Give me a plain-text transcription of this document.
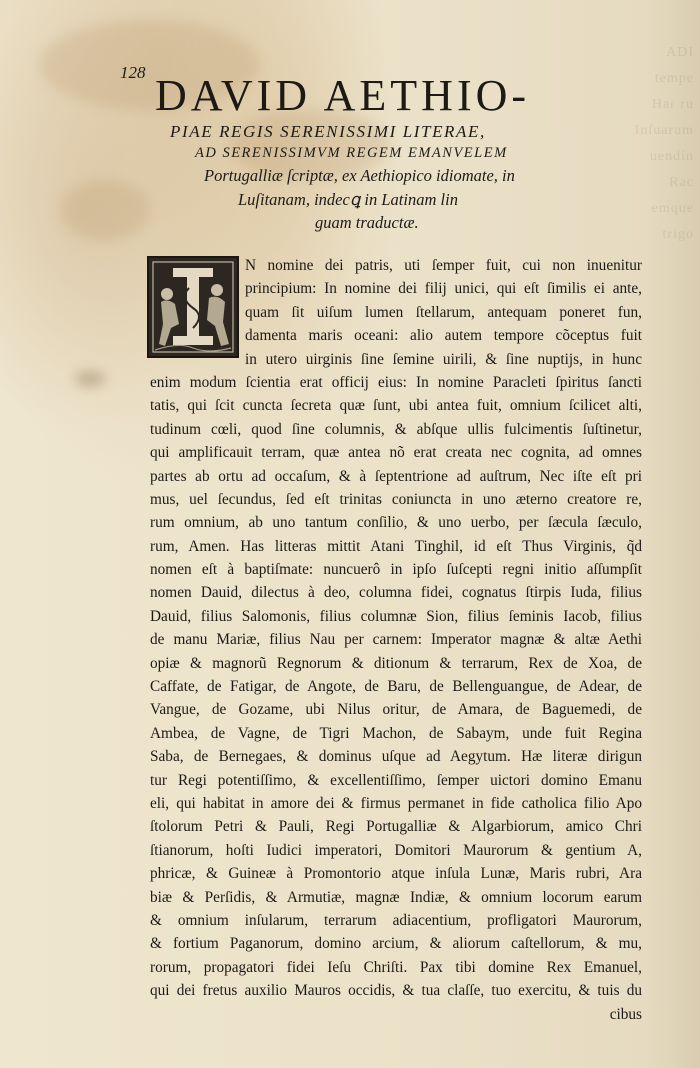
ADI
tempe
Haɾ ru
Inſuarum
uendin
Rac
emque
trigo
128 DAVID AETHIO-
PIAE REGIS SERENISSIMI LITERAE,
AD SERENISSIMVM REGEM EMANVELEM
Portugalliæ ſcriptæ, ex Aethiopico idiomate, in
Luſitanam, indecꝗ in Latinam lin
guam traductæ.
N nomine dei patris, uti ſemper fuit, cui non inuenitur
principium: In nomine dei filij unici, qui eſt ſimilis ei ante,
quam ſit uiſum lumen ſtellarum, antequam poneret fun,
damenta maris oceani: alio autem tempore cõceptus fuit
in utero uirginis ſine ſemine uirili, & ſine nuptijs, in hunc
enim modum ſcientia erat officij eius: In nomine Paracleti ſpiritus ſancti
tatis, qui ſcit cuncta ſecreta quæ ſunt, ubi antea fuit, omnium ſcilicet alti,
tudinum cœli, quod ſine columnis, & abſque ullis fulcimentis ſuſtinetur,
qui amplificauit terram, quæ antea nõ erat creata nec cognita, ad omnes
partes ab ortu ad occaſum, & à ſeptentrione ad auſtrum, Nec iſte eſt pri
mus, uel ſecundus, ſed eſt trinitas coniuncta in uno æterno creatore re,
rum omnium, ab uno tantum conſilio, & uno uerbo, per ſæcula ſæculo,
rum, Amen. Has litteras mittit Atani Tinghil, id eſt Thus Virginis, q̃d
nomen eſt à baptiſmate: nuncuerô in ipſo ſuſcepti regni initio aſſumpſit
nomen Dauid, dilectus à deo, columna fidei, cognatus ſtirpis Iuda, filius
Dauid, filius Salomonis, filius columnæ Sion, filius ſeminis Iacob, filius
de manu Mariæ, filius Nau per carnem: Imperator magnæ & altæ Aethi
opiæ & magnorũ Regnorum & ditionum & terrarum, Rex de Xoa, de
Caffate, de Fatigar, de Angote, de Baru, de Bellenguangue, de Adear, de
Vangue, de Gozame, ubi Nilus oritur, de Amara, de Baguemedi, de
Ambea, de Vagne, de Tigri Machon, de Sabaym, unde fuit Regina
Saba, de Bernegaes, & dominus uſque ad Aegytum. Hæ literæ dirigun
tur Regi potentiſſimo, & excellentiſſimo, ſemper uictori domino Emanu
eli, qui habitat in amore dei & firmus permanet in fide catholica filio Apo
ſtolorum Petri & Pauli, Regi Portugalliæ & Algarbiorum, amico Chri
ſtianorum, hoſti Iudici imperatori, Domitori Maurorum & gentium A,
phricæ, & Guineæ à Promontorio atque inſula Lunæ, Maris rubri, Ara
biæ & Perſidis, & Armutiæ, magnæ Indiæ, & omnium locorum earum
& omnium inſularum, terrarum adiacentium, profligatori Maurorum,
& fortium Paganorum, domino arcium, & aliorum caſtellorum, & mu,
rorum, propagatori fidei Ieſu Chriſti. Pax tibi domine Rex Emanuel,
qui dei fretus auxilio Mauros occidis, & tua claſſe, tuo exercitu, & tuis du
cibus
